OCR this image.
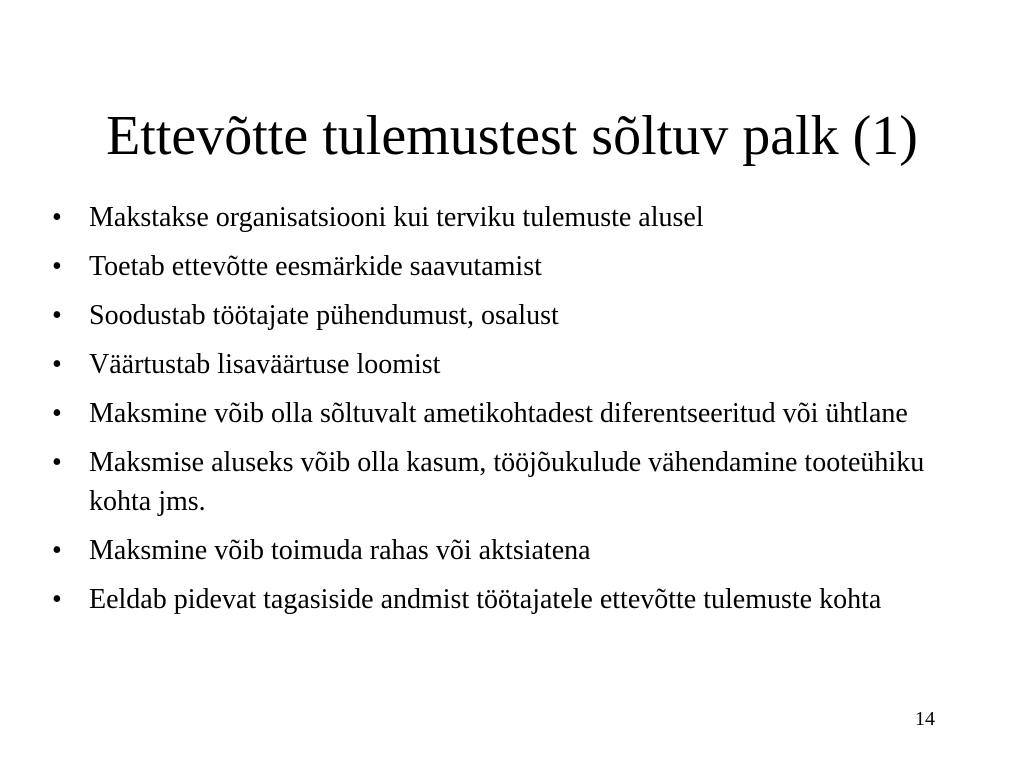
Ettevõtte tulemustest sõltuv palk (1)
• Makstakse organisatsiooni kui terviku tulemuste alusel
• Toetab ettevõtte eesmärkide saavutamist
• Soodustab töötajate pühendumust, osalust
• Väärtustab lisaväärtuse loomist
• Maksmine võib olla sõltuvalt ametikohtadest diferentseeritud või ühtlane
• Maksmise aluseks võib olla kasum, tööjõukulude vähendamine tooteühiku kohta jms.
• Maksmine võib toimuda rahas või aktsiatena
• Eeldab pidevat tagasiside andmist töötajatele ettevõtte tulemuste kohta
14
